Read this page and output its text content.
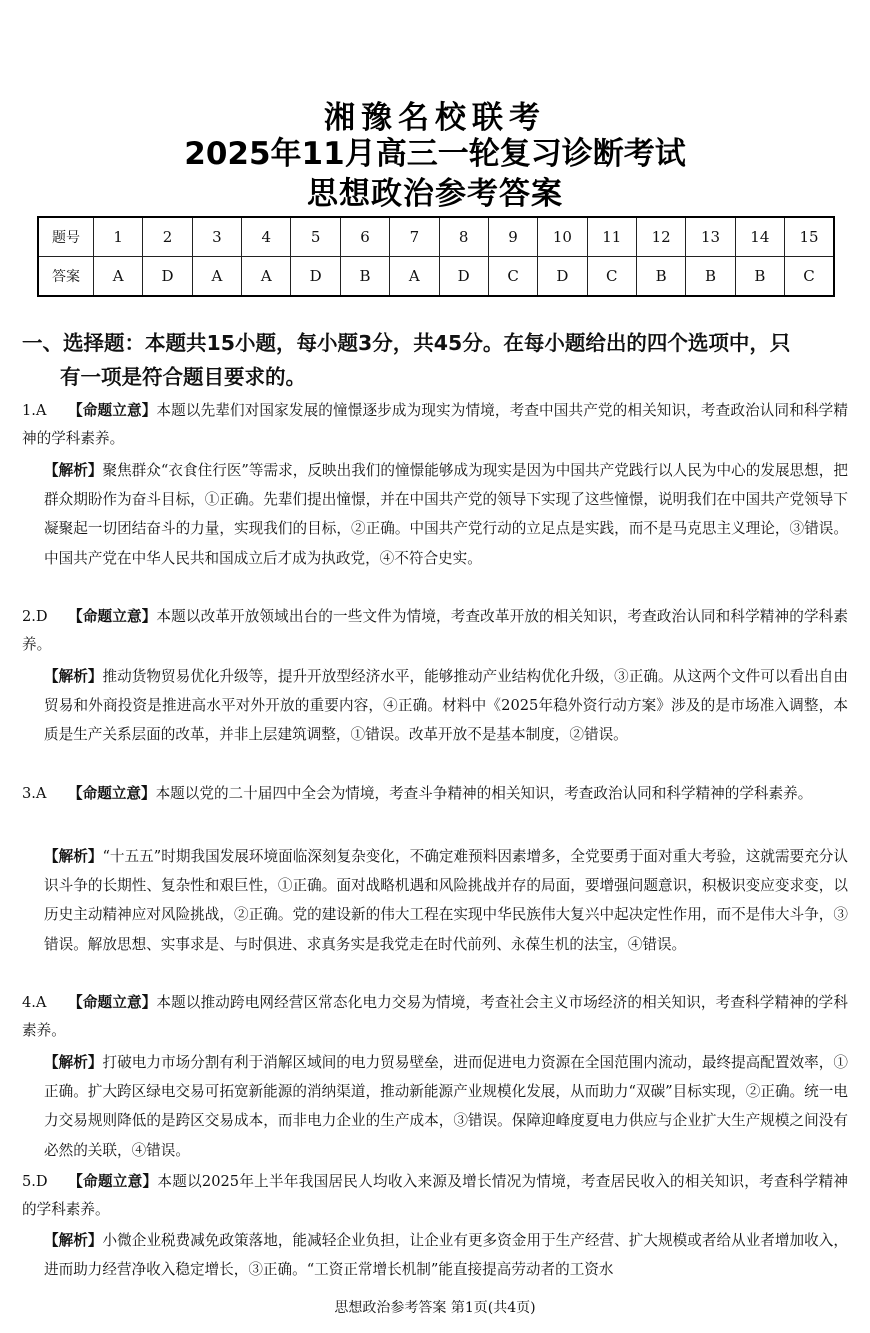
湘豫名校联考
2025年11月高三一轮复习诊断考试
思想政治参考答案
题号	1	2	3	4	5	6	7	8	9	10	11	12	13	14	15
答案	A	D	A	A	D	B	A	D	C	D	C	B	B	B	C
一、选择题：本题共15小题，每小题3分，共45分。在每小题给出的四个选项中，只
有一项是符合题目要求的。
1.A 【命题立意】本题以先辈们对国家发展的憧憬逐步成为现实为情境，考查中国共产党的相关知识，考查政治认同和科学精神的学科素养。
【解析】聚焦群众“衣食住行医”等需求，反映出我们的憧憬能够成为现实是因为中国共产党践行以人民为中心的发展思想，把群众期盼作为奋斗目标，①正确。先辈们提出憧憬，并在中国共产党的领导下实现了这些憧憬，说明我们在中国共产党领导下凝聚起一切团结奋斗的力量，实现我们的目标，②正确。中国共产党行动的立足点是实践，而不是马克思主义理论，③错误。中国共产党在中华人民共和国成立后才成为执政党，④不符合史实。
2.D 【命题立意】本题以改革开放领域出台的一些文件为情境，考查改革开放的相关知识，考查政治认同和科学精神的学科素养。
【解析】推动货物贸易优化升级等，提升开放型经济水平，能够推动产业结构优化升级，③正确。从这两个文件可以看出自由贸易和外商投资是推进高水平对外开放的重要内容，④正确。材料中《2025年稳外资行动方案》涉及的是市场准入调整，本质是生产关系层面的改革，并非上层建筑调整，①错误。改革开放不是基本制度，②错误。
3.A 【命题立意】本题以党的二十届四中全会为情境，考查斗争精神的相关知识，考查政治认同和科学精神的学科素养。
【解析】“十五五”时期我国发展环境面临深刻复杂变化，不确定难预料因素增多，全党要勇于面对重大考验，这就需要充分认识斗争的长期性、复杂性和艰巨性，①正确。面对战略机遇和风险挑战并存的局面，要增强问题意识，积极识变应变求变，以历史主动精神应对风险挑战，②正确。党的建设新的伟大工程在实现中华民族伟大复兴中起决定性作用，而不是伟大斗争，③错误。解放思想、实事求是、与时俱进、求真务实是我党走在时代前列、永葆生机的法宝，④错误。
4.A 【命题立意】本题以推动跨电网经营区常态化电力交易为情境，考查社会主义市场经济的相关知识，考查科学精神的学科素养。
【解析】打破电力市场分割有利于消解区域间的电力贸易壁垒，进而促进电力资源在全国范围内流动，最终提高配置效率，①正确。扩大跨区绿电交易可拓宽新能源的消纳渠道，推动新能源产业规模化发展，从而助力“双碳”目标实现，②正确。统一电力交易规则降低的是跨区交易成本，而非电力企业的生产成本，③错误。保障迎峰度夏电力供应与企业扩大生产规模之间没有必然的关联，④错误。
5.D 【命题立意】本题以2025年上半年我国居民人均收入来源及增长情况为情境，考查居民收入的相关知识，考查科学精神的学科素养。
【解析】小微企业税费减免政策落地，能减轻企业负担，让企业有更多资金用于生产经营、扩大规模或者给从业者增加收入，进而助力经营净收入稳定增长，③正确。“工资正常增长机制”能直接提高劳动者的工资水
思想政治参考答案 第1页(共4页)
